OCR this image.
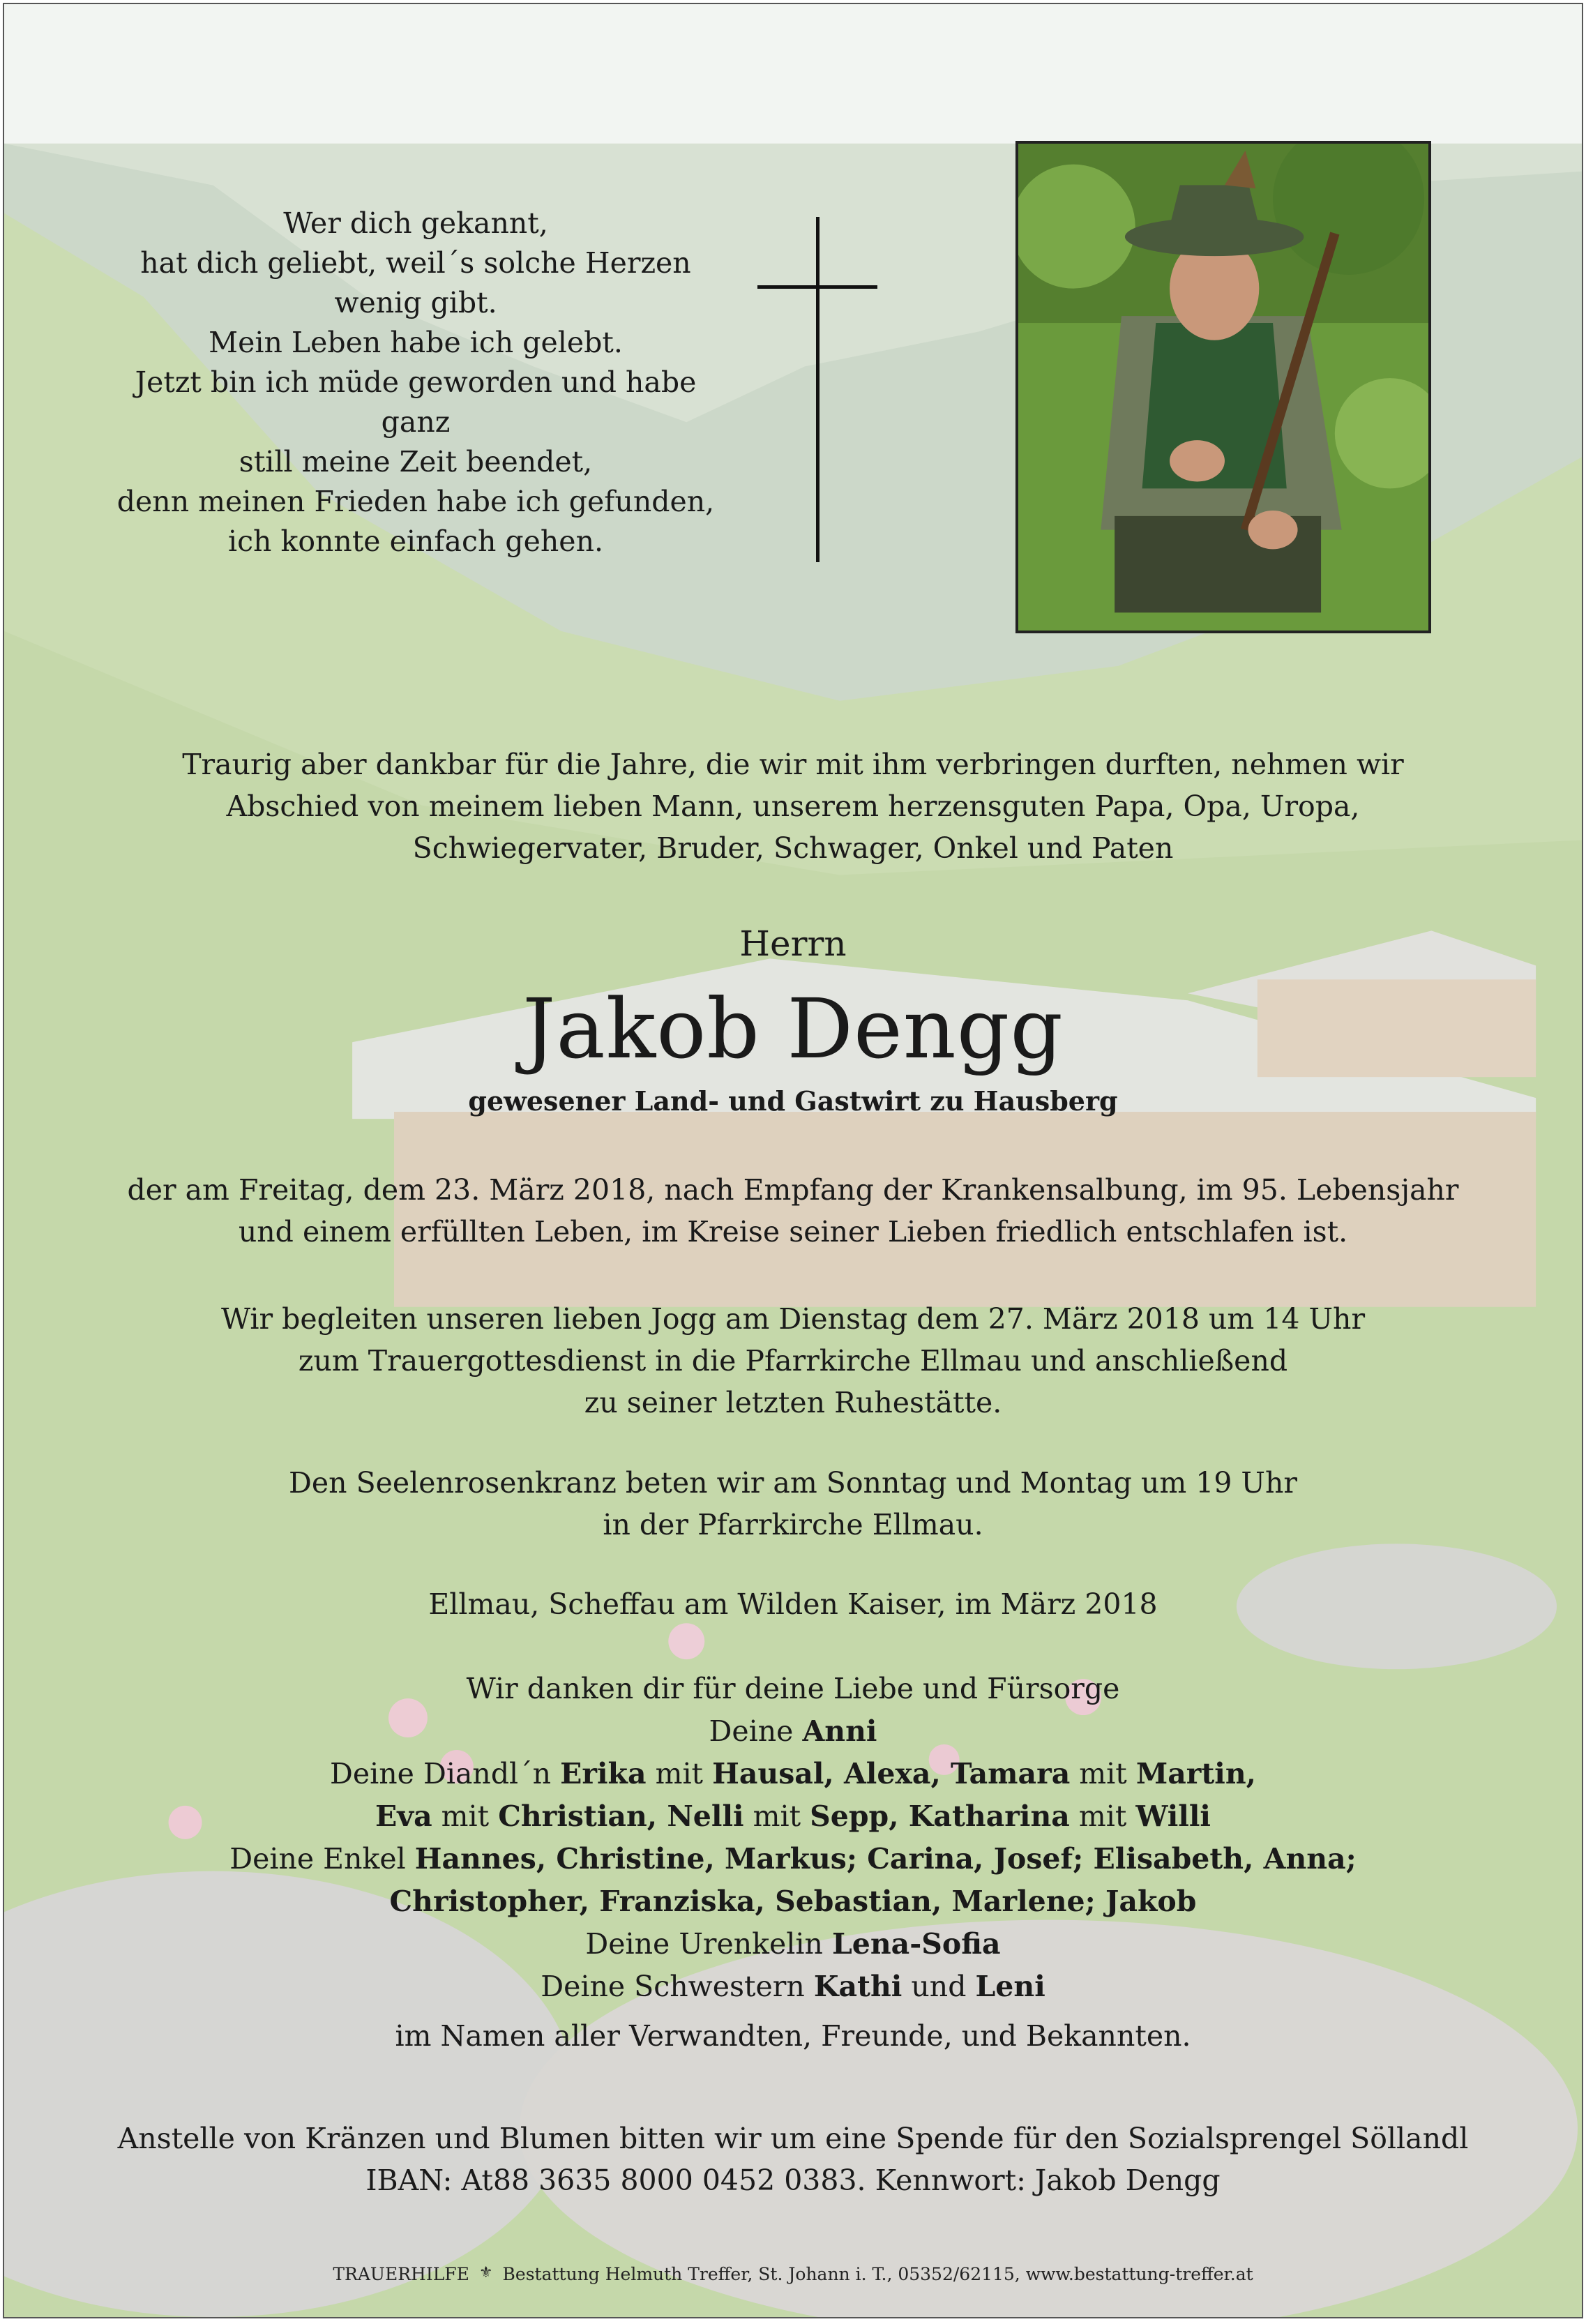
Wer dich gekannt,
hat dich geliebt, weil´s solche Herzen
wenig gibt.
Mein Leben habe ich gelebt.
Jetzt bin ich müde geworden und habe ganz
still meine Zeit beendet,
denn meinen Frieden habe ich gefunden,
ich konnte einfach gehen.
Traurig aber dankbar für die Jahre, die wir mit ihm verbringen durften, nehmen wir
Abschied von meinem lieben Mann, unserem herzensguten Papa, Opa, Uropa,
Schwiegervater, Bruder, Schwager, Onkel und Paten
Herrn
Jakob Dengg
gewesener Land- und Gastwirt zu Hausberg
der am Freitag, dem 23. März 2018, nach Empfang der Krankensalbung, im 95. Lebensjahr
und einem erfüllten Leben, im Kreise seiner Lieben friedlich entschlafen ist.
Wir begleiten unseren lieben Jogg am Dienstag dem 27. März 2018 um 14 Uhr
zum Trauergottesdienst in die Pfarrkirche Ellmau und anschließend
zu seiner letzten Ruhestätte.
Den Seelenrosenkranz beten wir am Sonntag und Montag um 19 Uhr
in der Pfarrkirche Ellmau.
Ellmau, Scheffau am Wilden Kaiser, im März 2018
Wir danken dir für deine Liebe und Fürsorge
Deine Anni
Deine Diandl´n Erika mit Hausal, Alexa, Tamara mit Martin,
Eva mit Christian, Nelli mit Sepp, Katharina mit Willi
Deine Enkel Hannes, Christine, Markus; Carina, Josef; Elisabeth, Anna;
Christopher, Franziska, Sebastian, Marlene; Jakob
Deine Urenkelin Lena-Sofia
Deine Schwestern Kathi und Leni
im Namen aller Verwandten, Freunde, und Bekannten.
Anstelle von Kränzen und Blumen bitten wir um eine Spende für den Sozialsprengel Söllandl
IBAN: At88 3635 8000 0452 0383. Kennwort: Jakob Dengg
TRAUERHILFE ⚜ Bestattung Helmuth Treffer, St. Johann i. T., 05352/62115, www.bestattung-treffer.at
